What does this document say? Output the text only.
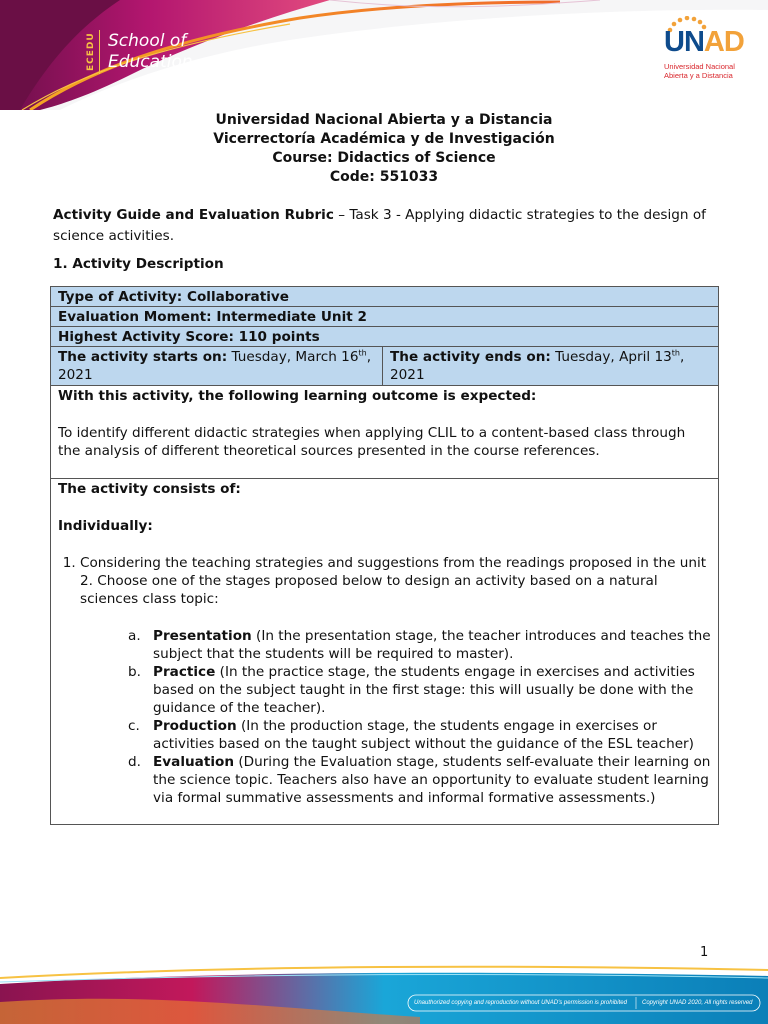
ECEDU School of
Education
UNAD
Universidad Nacional
Abierta y a Distancia
Universidad Nacional Abierta y a Distancia
Vicerrectoría Académica y de Investigación
Course: Didactics of Science
Code: 551033
Activity Guide and Evaluation Rubric – Task 3 - Applying didactic strategies to the design of science activities.
1. Activity Description
Type of Activity: Collaborative
Evaluation Moment: Intermediate Unit 2
Highest Activity Score: 110 points
The activity starts on: Tuesday, March 16th, 2021
The activity ends on: Tuesday, April 13th, 2021
With this activity, the following learning outcome is expected:
To identify different didactic strategies when applying CLIL to a content-based class through the analysis of different theoretical sources presented in the course references.
The activity consists of:
Individually:
1. Considering the teaching strategies and suggestions from the readings proposed in the unit 2. Choose one of the stages proposed below to design an activity based on a natural sciences class topic:
a. Presentation (In the presentation stage, the teacher introduces and teaches the subject that the students will be required to master).
b. Practice (In the practice stage, the students engage in exercises and activities based on the subject taught in the first stage: this will usually be done with the guidance of the teacher).
c. Production (In the production stage, the students engage in exercises or activities based on the taught subject without the guidance of the ESL teacher)
d. Evaluation (During the Evaluation stage, students self-evaluate their learning on the science topic. Teachers also have an opportunity to evaluate student learning via formal summative assessments and informal formative assessments.)
1
Unauthorized copying and reproduction without UNAD's permission is prohibited	Copyright UNAD 2020, All rights reserved
